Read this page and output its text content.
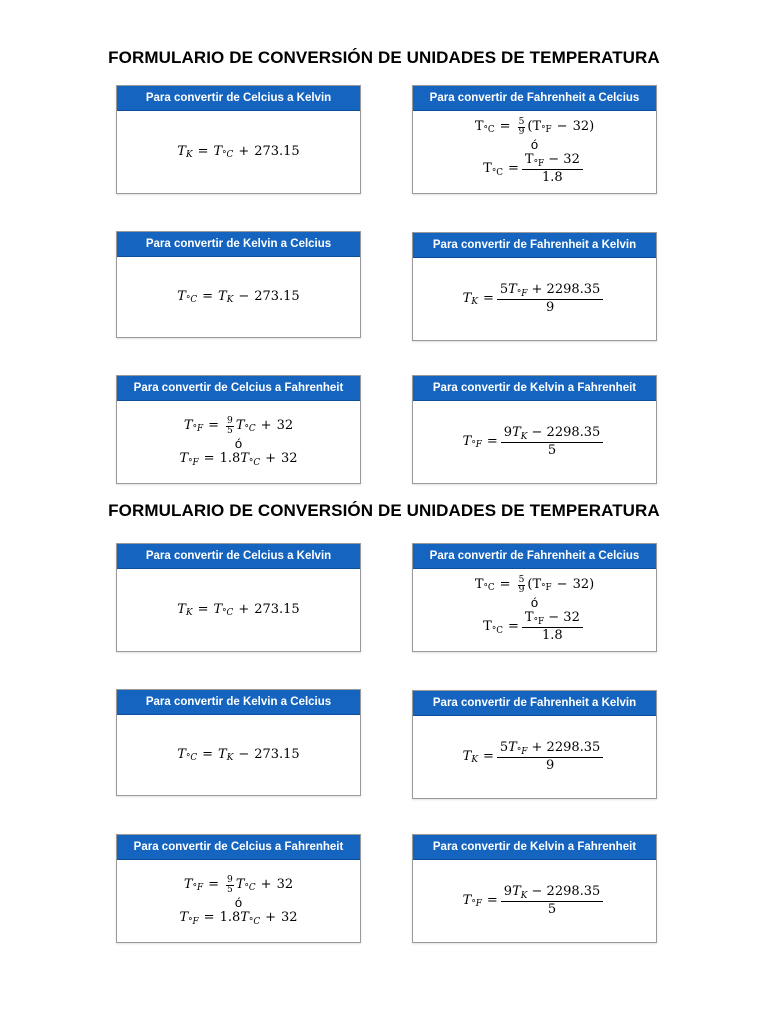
FORMULARIO DE CONVERSIÓN DE UNIDADES DE TEMPERATURA
Para convertir de Celcius a Kelvin
T K = T °C + 273.15
Para convertir de Fahrenheit a Celcius
T °C = 5
9 ( T °F − 32 )
ó
T $^\circ C = \frac{T_{^\circ F} - 32}{1.8}$
Para convertir de Kelvin a Celcius
T °C = T K − 273.15
Para convertir de Fahrenheit a Kelvin
T $K = \frac{5T_{^\circ F} + 2298.35}{9}$
Para convertir de Celcius a Fahrenheit
T °F = 9
5 T °C + 32
ó
T °F = 1.8 T °C + 32
Para convertir de Kelvin a Fahrenheit
T $^\circ F = \frac{9T_K - 2298.35}{5}$
FORMULARIO DE CONVERSIÓN DE UNIDADES DE TEMPERATURA
Para convertir de Celcius a Kelvin
T K = T °C + 273.15
Para convertir de Fahrenheit a Celcius
T °C = 5
9 ( T °F − 32 )
ó
T $^\circ C = \frac{T_{^\circ F} - 32}{1.8}$
Para convertir de Kelvin a Celcius
T °C = T K − 273.15
Para convertir de Fahrenheit a Kelvin
T $K = \frac{5T_{^\circ F} + 2298.35}{9}$
Para convertir de Celcius a Fahrenheit
T °F = 9
5 T °C + 32
ó
T °F = 1.8 T °C + 32
Para convertir de Kelvin a Fahrenheit
T $^\circ F = \frac{9T_K - 2298.35}{5}$
